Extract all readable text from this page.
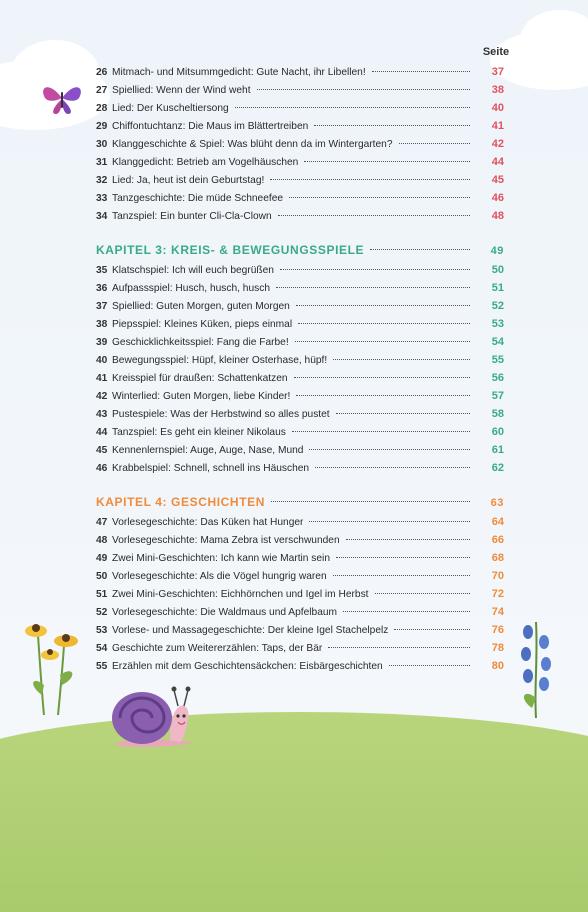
Seite
26 Mitmach- und Mitsummgedicht: Gute Nacht, ihr Libellen!	37
27 Spiellied: Wenn der Wind weht	38
28 Lied: Der Kuscheltiersong	40
29 Chiffontuchtanz: Die Maus im Blättertreiben	41
30 Klanggeschichte & Spiel: Was blüht denn da im Wintergarten?	42
31 Klanggedicht: Betrieb am Vogelhäuschen	44
32 Lied: Ja, heut ist dein Geburtstag!	45
33 Tanzgeschichte: Die müde Schneefee	46
34 Tanzspiel: Ein bunter Cli-Cla-Clown	48
KAPITEL 3: KREIS- & BEWEGUNGSSPIELE	49
35 Klatschspiel: Ich will euch begrüßen	50
36 Aufpassspiel: Husch, husch, husch	51
37 Spiellied: Guten Morgen, guten Morgen	52
38 Piepsspiel: Kleines Küken, pieps einmal	53
39 Geschicklichkeitsspiel: Fang die Farbe!	54
40 Bewegungsspiel: Hüpf, kleiner Osterhase, hüpf!	55
41 Kreisspiel für draußen: Schattenkatzen	56
42 Winterlied: Guten Morgen, liebe Kinder!	57
43 Pustespiele: Was der Herbstwind so alles pustet	58
44 Tanzspiel: Es geht ein kleiner Nikolaus	60
45 Kennenlernspiel: Auge, Auge, Nase, Mund	61
46 Krabbelspiel: Schnell, schnell ins Häuschen	62
KAPITEL 4: GESCHICHTEN	63
47 Vorlesegeschichte: Das Küken hat Hunger	64
48 Vorlesegeschichte: Mama Zebra ist verschwunden	66
49 Zwei Mini-Geschichten: Ich kann wie Martin sein	68
50 Vorlesegeschichte: Als die Vögel hungrig waren	70
51 Zwei Mini-Geschichten: Eichhörnchen und Igel im Herbst	72
52 Vorlesegeschichte: Die Waldmaus und Apfelbaum	74
53 Vorlese- und Massagegeschichte: Der kleine Igel Stachelpelz	76
54 Geschichte zum Weitererzählen: Taps, der Bär	78
55 Erzählen mit dem Geschichtensäckchen: Eisbärgeschichten	80
